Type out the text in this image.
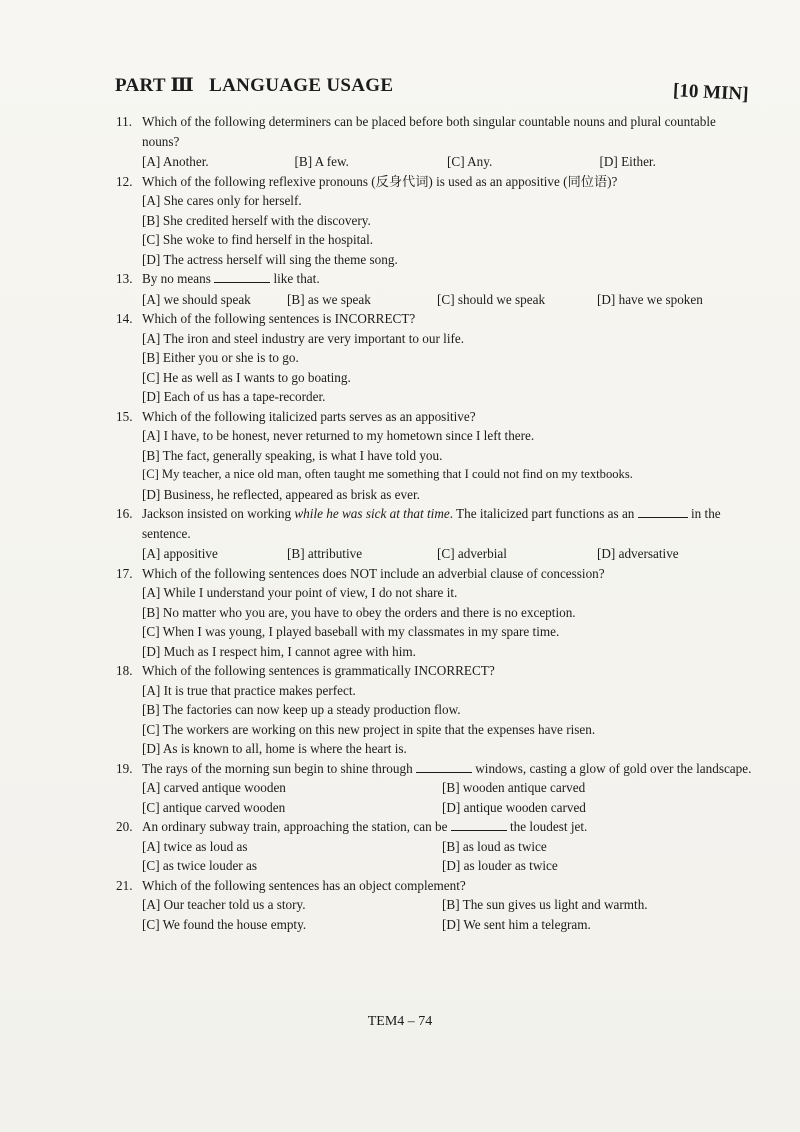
PART Ⅲ LANGUAGE USAGE	[10 MIN]
11. Which of the following determiners can be placed before both singular countable nouns and plural countable nouns?
[A] Another.	[B] A few.	[C] Any.	[D] Either.
12. Which of the following reflexive pronouns (反身代词) is used as an appositive (同位语)?
[A] She cares only for herself.
[B] She credited herself with the discovery.
[C] She woke to find herself in the hospital.
[D] The actress herself will sing the theme song.
13. By no means	like that.
[A] we should speak	[B] as we speak	[C] should we speak	[D] have we spoken
14. Which of the following sentences is INCORRECT?
[A] The iron and steel industry are very important to our life.
[B] Either you or she is to go.
[C] He as well as I wants to go boating.
[D] Each of us has a tape-recorder.
15. Which of the following italicized parts serves as an appositive?
[A] I have, to be honest, never returned to my hometown since I left there.
[B] The fact, generally speaking, is what I have told you.
[C] My teacher, a nice old man, often taught me something that I could not find on my textbooks.
[D] Business, he reflected, appeared as brisk as ever.
16. Jackson insisted on working while he was sick at that time. The italicized part functions as an	in the sentence.
[A] appositive	[B] attributive	[C] adverbial	[D] adversative
17. Which of the following sentences does NOT include an adverbial clause of concession?
[A] While I understand your point of view, I do not share it.
[B] No matter who you are, you have to obey the orders and there is no exception.
[C] When I was young, I played baseball with my classmates in my spare time.
[D] Much as I respect him, I cannot agree with him.
18. Which of the following sentences is grammatically INCORRECT?
[A] It is true that practice makes perfect.
[B] The factories can now keep up a steady production flow.
[C] The workers are working on this new project in spite that the expenses have risen.
[D] As is known to all, home is where the heart is.
19. The rays of the morning sun begin to shine through	windows, casting a glow of gold over the landscape.
[A] carved antique wooden	[B] wooden antique carved
[C] antique carved wooden	[D] antique wooden carved
20. An ordinary subway train, approaching the station, can be	the loudest jet.
[A] twice as loud as	[B] as loud as twice
[C] as twice louder as	[D] as louder as twice
21. Which of the following sentences has an object complement?
[A] Our teacher told us a story.	[B] The sun gives us light and warmth.
[C] We found the house empty.	[D] We sent him a telegram.
TEM4 – 74
